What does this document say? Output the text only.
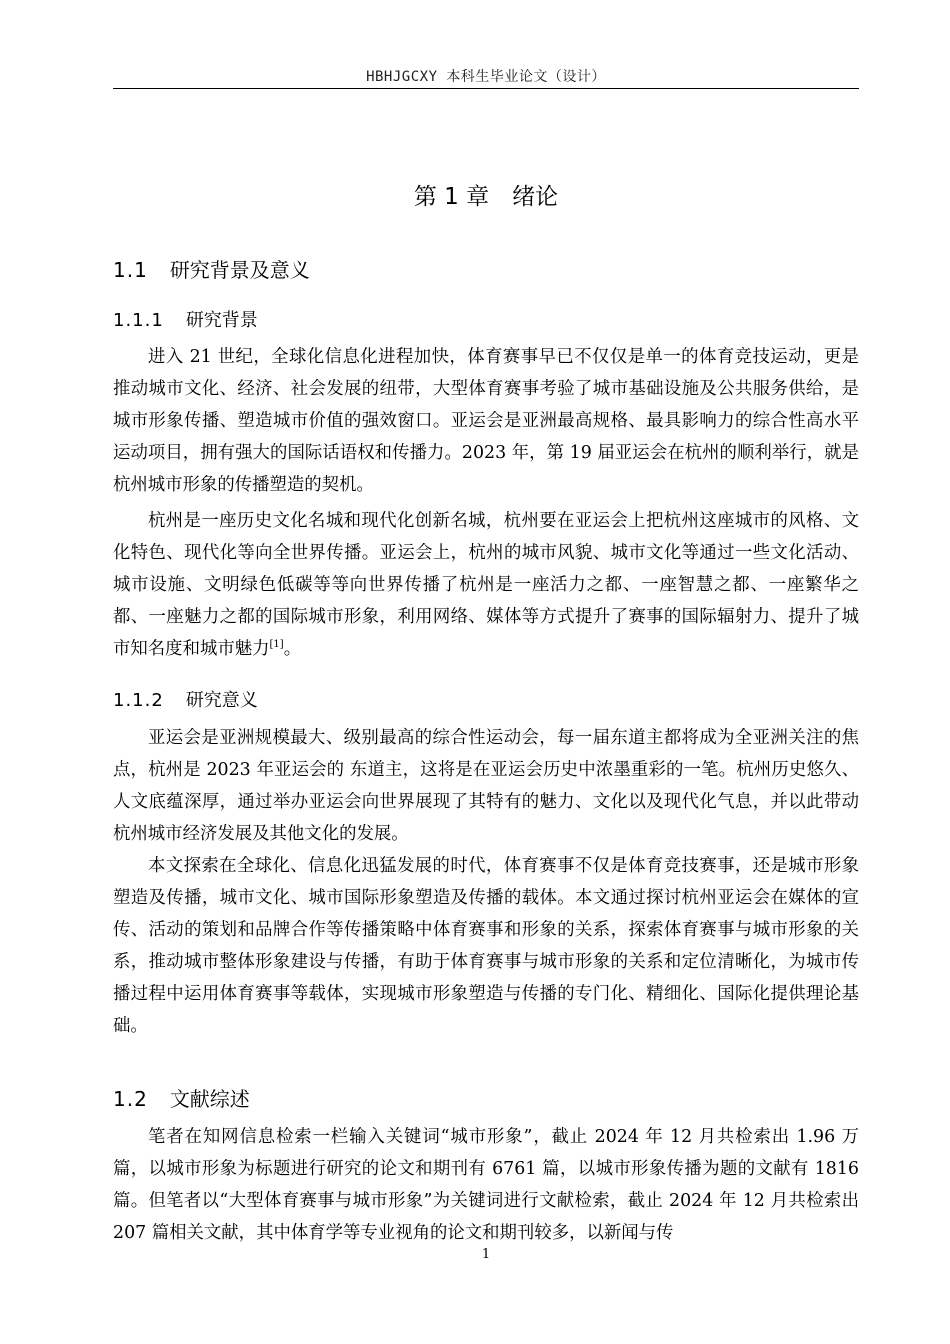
HBHJGCXY 本科生毕业论文（设计）
第 1 章　绪论
1.1 研究背景及意义
1.1.1 研究背景

进入 21 世纪，全球化信息化进程加快，体育赛事早已不仅仅是单一的体育竞技运动，更是推动城市文化、经济、社会发展的纽带，大型体育赛事考验了城市基础设施及公共服务供给，是城市形象传播、塑造城市价值的强效窗口。亚运会是亚洲最高规格、最具影响力的综合性高水平运动项目，拥有强大的国际话语权和传播力。2023 年，第 19 届亚运会在杭州的顺利举行，就是杭州城市形象的传播塑造的契机。

杭州是一座历史文化名城和现代化创新名城，杭州要在亚运会上把杭州这座城市的风格、文化特色、现代化等向全世界传播。亚运会上，杭州的城市风貌、城市文化等通过一些文化活动、城市设施、文明绿色低碳等等向世界传播了杭州是一座活力之都、一座智慧之都、一座繁华之都、一座魅力之都的国际城市形象，利用网络、媒体等方式提升了赛事的国际辐射力、提升了城市知名度和城市魅力[1]。

1.1.2 研究意义

亚运会是亚洲规模最大、级别最高的综合性运动会，每一届东道主都将成为全亚洲关注的焦点，杭州是 2023 年亚运会的 东道主，这将是在亚运会历史中浓墨重彩的一笔。杭州历史悠久、人文底蕴深厚，通过举办亚运会向世界展现了其特有的魅力、文化以及现代化气息，并以此带动杭州城市经济发展及其他文化的发展。

本文探索在全球化、信息化迅猛发展的时代，体育赛事不仅是体育竞技赛事，还是城市形象塑造及传播，城市文化、城市国际形象塑造及传播的载体。本文通过探讨杭州亚运会在媒体的宣传、活动的策划和品牌合作等传播策略中体育赛事和形象的关系，探索体育赛事与城市形象的关系，推动城市整体形象建设与传播，有助于体育赛事与城市形象的关系和定位清晰化，为城市传播过程中运用体育赛事等载体，实现城市形象塑造与传播的专门化、精细化、国际化提供理论基础。

1.2 文献综述

笔者在知网信息检索一栏输入关键词“城市形象”，截止 2024 年 12 月共检索出 1.96 万篇，以城市形象为标题进行研究的论文和期刊有 6761 篇，以城市形象传播为题的文献有 1816 篇。但笔者以“大型体育赛事与城市形象”为关键词进行文献检索，截止 2024 年 12 月共检索出 207 篇相关文献，其中体育学等专业视角的论文和期刊较多，以新闻与传

1
